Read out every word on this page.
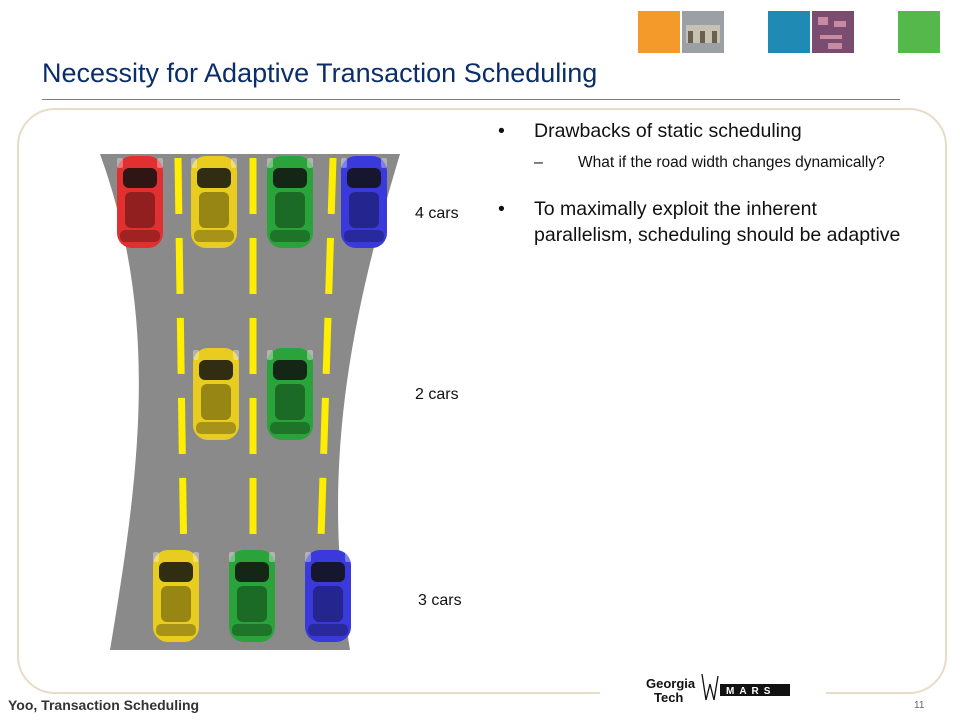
Necessity for Adaptive Transaction Scheduling
4 cars
2 cars
3 cars
• Drawbacks of static scheduling
– What if the road width changes dynamically?
• To maximally exploit the inherent parallelism, scheduling should be adaptive
Georgia
Tech	MARS
Yoo, Transaction Scheduling	11
